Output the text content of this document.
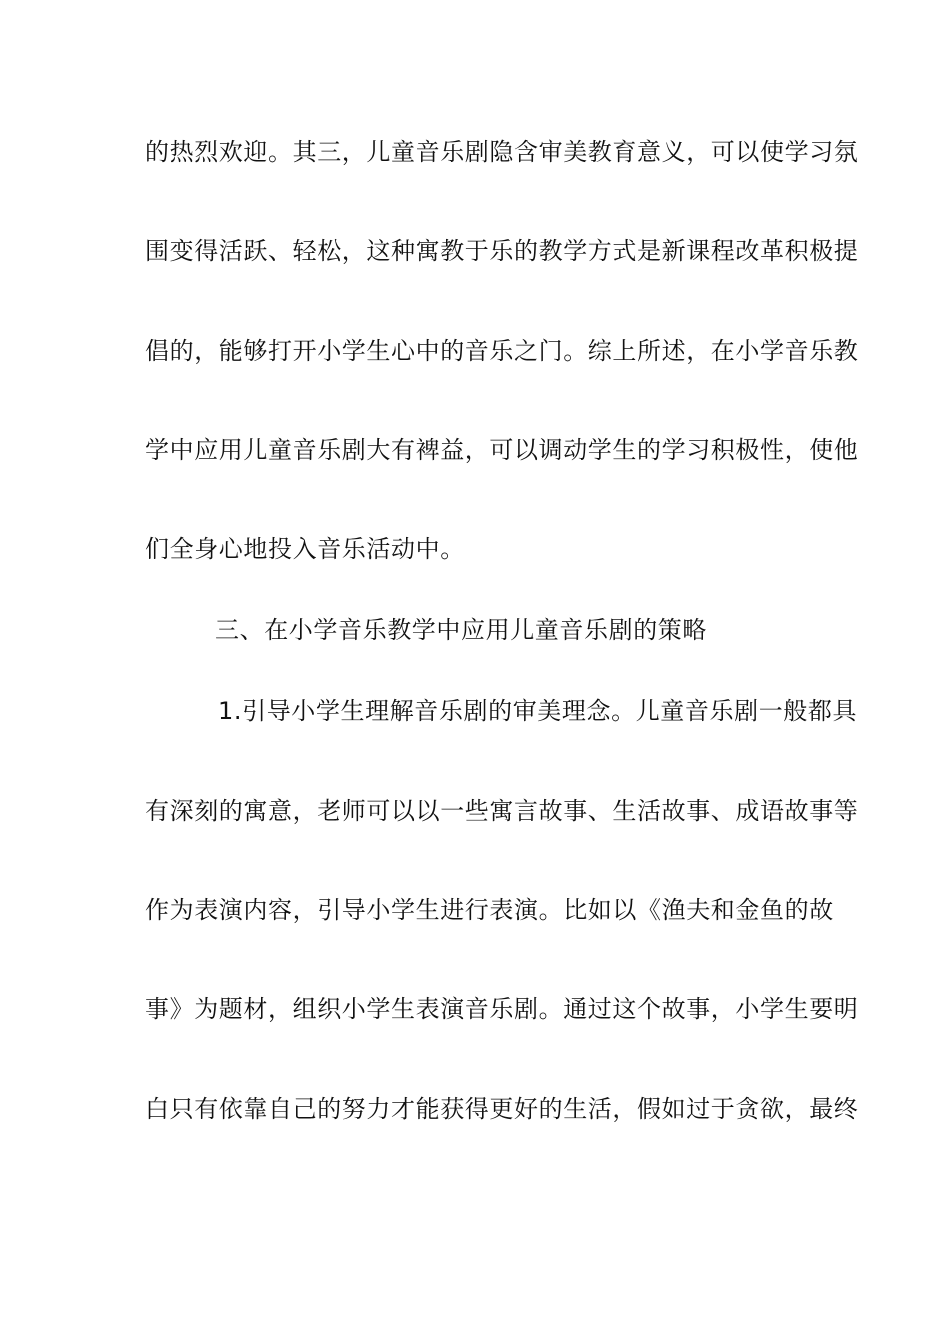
的热烈欢迎。其三，儿童音乐剧隐含审美教育意义，可以使学习氛
围变得活跃、轻松，这种寓教于乐的教学方式是新课程改革积极提
倡的，能够打开小学生心中的音乐之门。综上所述，在小学音乐教
学中应用儿童音乐剧大有裨益，可以调动学生的学习积极性，使他
们全身心地投入音乐活动中。
三、在小学音乐教学中应用儿童音乐剧的策略
1.引导小学生理解音乐剧的审美理念。儿童音乐剧一般都具
有深刻的寓意，老师可以以一些寓言故事、生活故事、成语故事等
作为表演内容，引导小学生进行表演。比如以《渔夫和金鱼的故
事》为题材，组织小学生表演音乐剧。通过这个故事，小学生要明
白只有依靠自己的努力才能获得更好的生活，假如过于贪欲，最终
